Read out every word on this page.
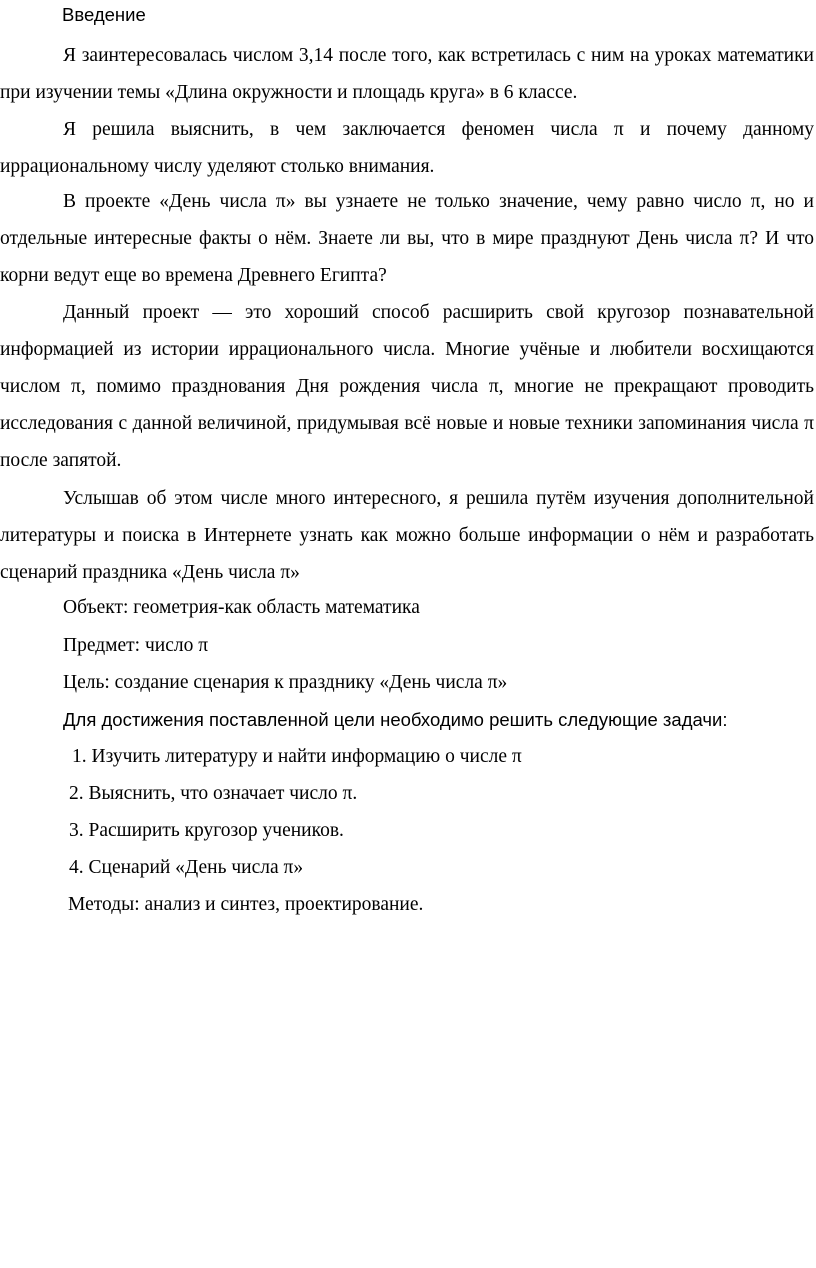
Введение

Я заинтересовалась числом 3,14 после того, как встретилась с ним на уроках математики при изучении темы «Длина окружности и площадь круга» в 6 классе.

Я решила выяснить, в чем заключается феномен числа π и почему данному иррациональному числу уделяют столько внимания.

В проекте «День числа π» вы узнаете не только значение, чему равно число π, но и отдельные интересные факты о нём. Знаете ли вы, что в мире празднуют День числа π? И что корни ведут еще во времена Древнего Египта?

Данный проект — это хороший способ расширить свой кругозор познавательной информацией из истории иррационального числа. Многие учёные и любители восхищаются числом π, помимо празднования Дня рождения числа π, многие не прекращают проводить исследования с данной величиной, придумывая всё новые и новые техники запоминания числа π после запятой.

Услышав об этом числе много интересного, я решила путём изучения дополнительной литературы и поиска в Интернете узнать как можно больше информации о нём и разработать сценарий праздника «День числа π»

Объект: геометрия-как область математика

Предмет: число π

Цель: создание сценария к празднику «День числа π»

Для достижения поставленной цели необходимо решить следующие задачи:

1. Изучить литературу и найти информацию о числе π

2. Выяснить, что означает число π.

3. Расширить кругозор учеников.

4. Сценарий «День числа π»

Методы: анализ и синтез, проектирование.
